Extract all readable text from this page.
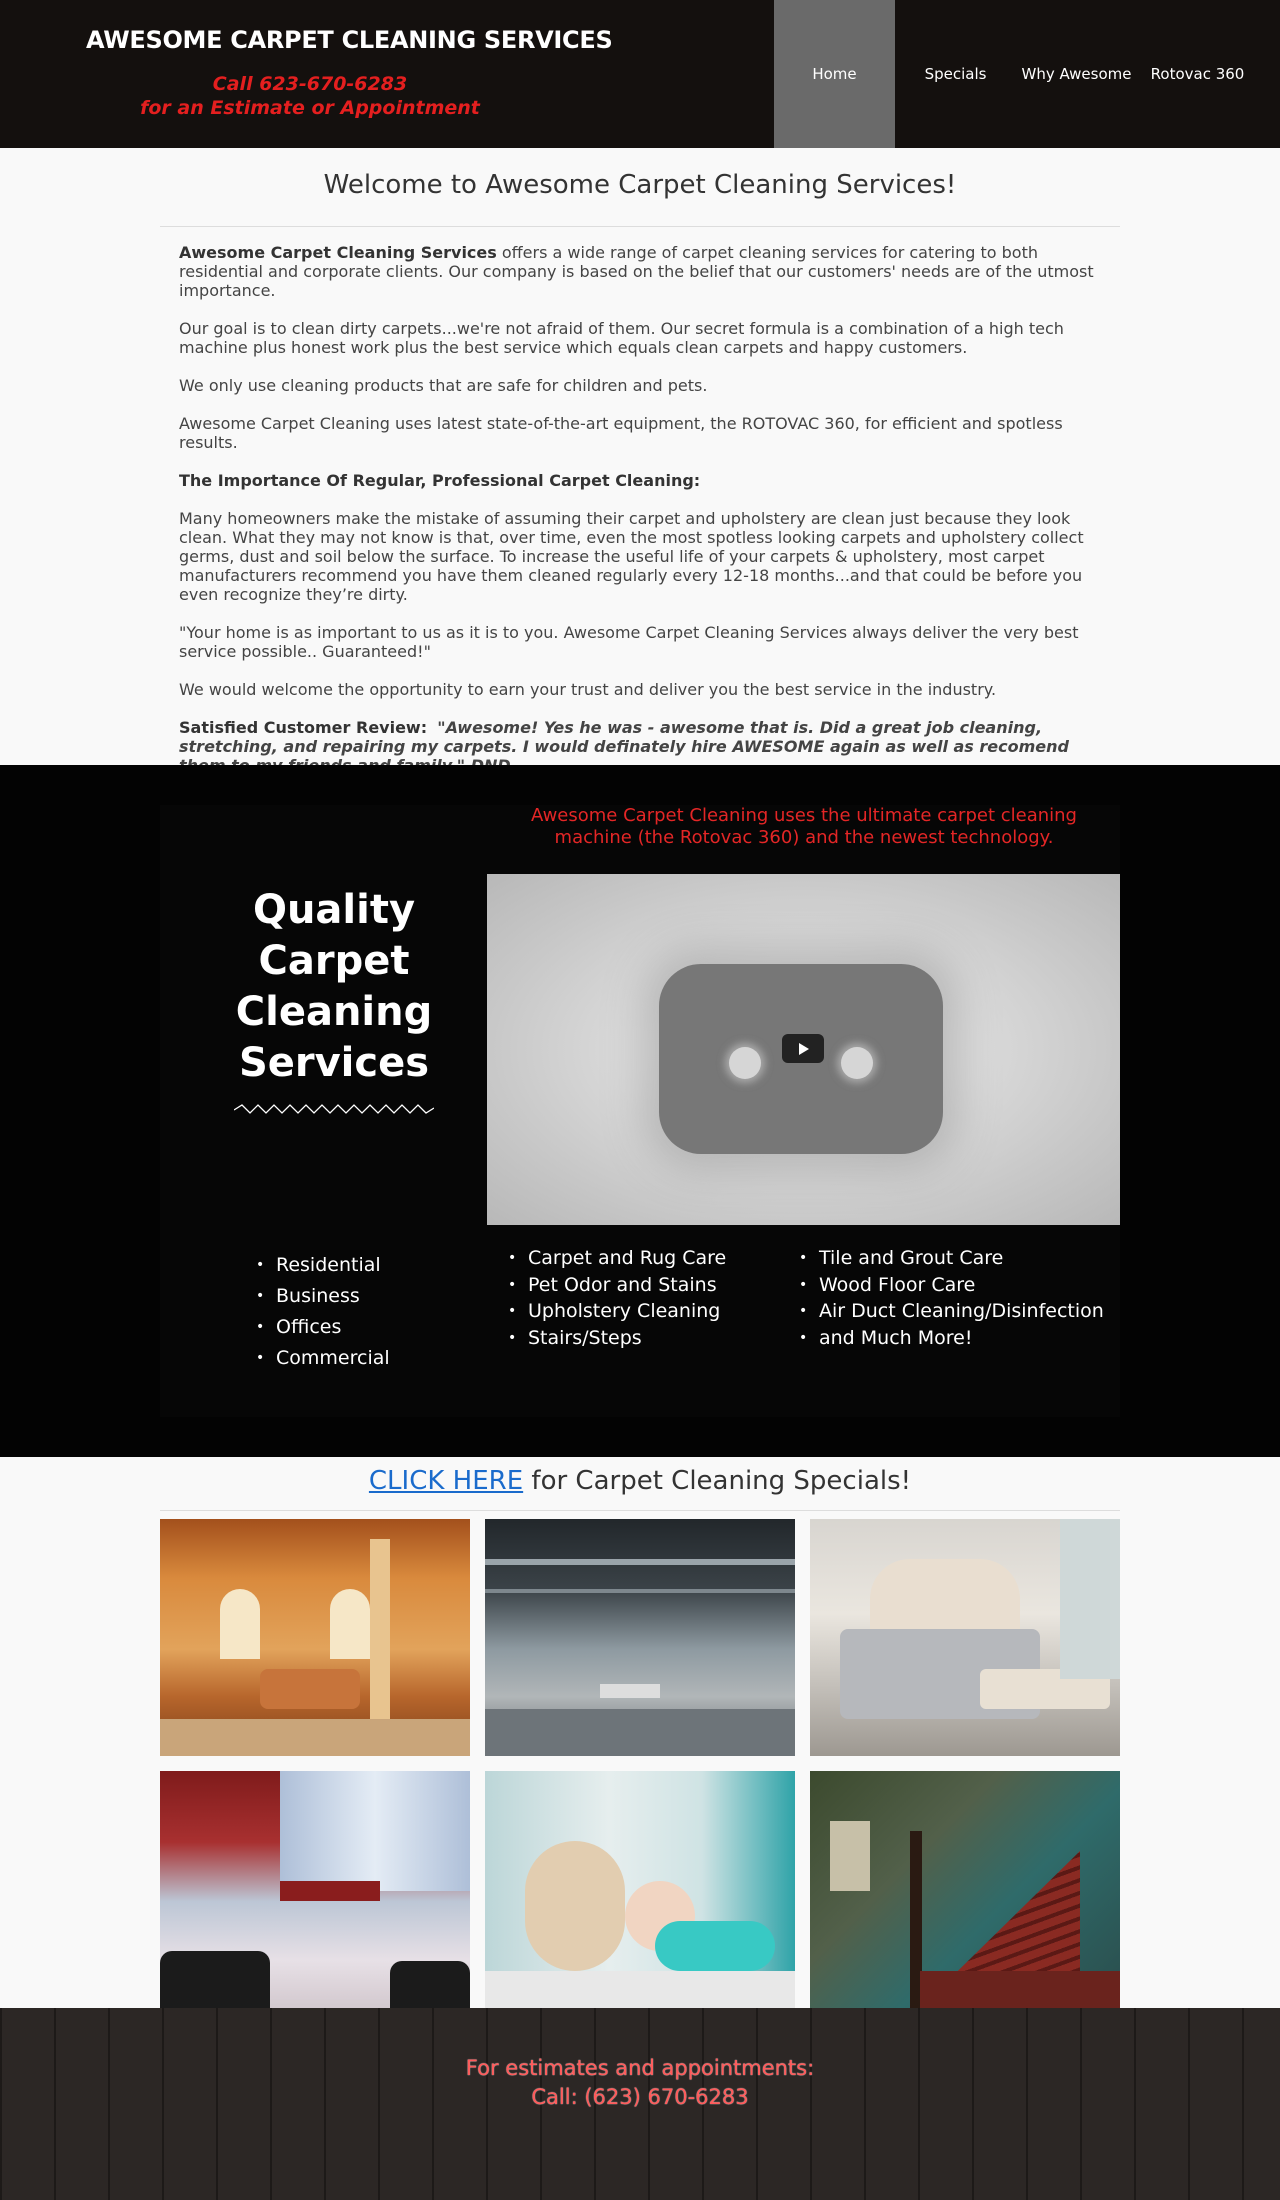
AWESOME CARPET CLEANING SERVICES
Call 623-670-6283
for an Estimate or Appointment
Home	Specials	Why Awesome	Rotovac 360
Welcome to Awesome Carpet Cleaning Services!

Awesome Carpet Cleaning Services offers a wide range of carpet cleaning services for catering to both residential and corporate clients. Our company is based on the belief that our customers' needs are of the utmost importance.

Our goal is to clean dirty carpets...we're not afraid of them. Our secret formula is a combination of a high tech machine plus honest work plus the best service which equals clean carpets and happy customers.

We only use cleaning products that are safe for children and pets.

Awesome Carpet Cleaning uses latest state-of-the-art equipment, the ROTOVAC 360, for efficient and spotless results.

The Importance Of Regular, Professional Carpet Cleaning:

Many homeowners make the mistake of assuming their carpet and upholstery are clean just because they look clean. What they may not know is that, over time, even the most spotless looking carpets and upholstery collect germs, dust and soil below the surface. To increase the useful life of your carpets & upholstery, most carpet manufacturers recommend you have them cleaned regularly every 12-18 months...and that could be before you even recognize they’re dirty.

"Your home is as important to us as it is to you. Awesome Carpet Cleaning Services always deliver the very best service possible.. Guaranteed!"

We would welcome the opportunity to earn your trust and deliver you the best service in the industry.

Satisfied Customer Review: "Awesome! Yes he was - awesome that is. Did a great job cleaning, stretching, and repairing my carpets. I would definately hire AWESOME again as well as recomend

Awesome Carpet Cleaning uses the ultimate carpet cleaning machine (the Rotovac 360) and the newest technology.
Quality Carpet Cleaning Services
• Residential
• Business
• Offices
• Commercial
• Carpet and Rug Care
• Pet Odor and Stains
• Upholstery Cleaning
• Stairs/Steps
• Tile and Grout Care
• Wood Floor Care
• Air Duct Cleaning/Disinfection
• and Much More!
CLICK HERE for Carpet Cleaning Specials!
For estimates and appointments:
Call: (623) 670-6283
